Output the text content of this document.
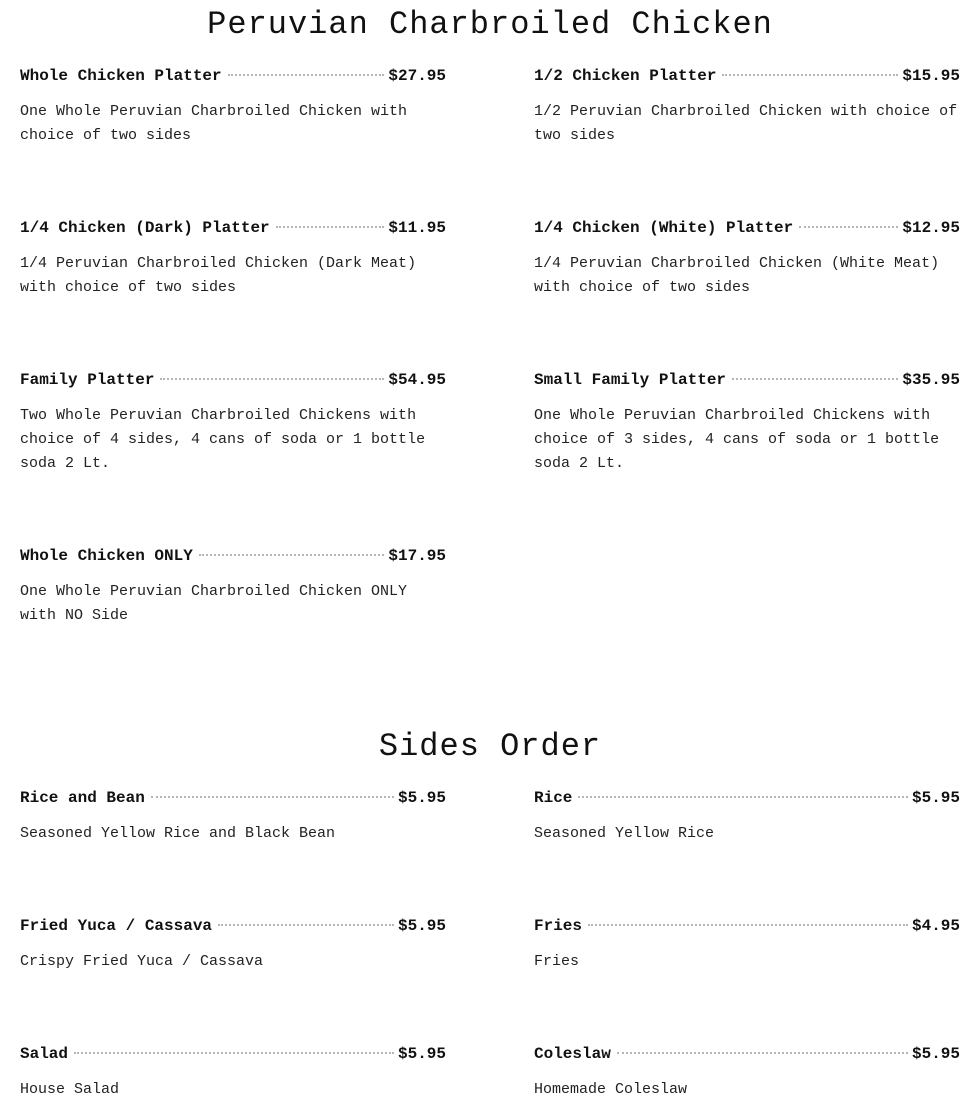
Peruvian Charbroiled Chicken
Whole Chicken Platter	$27.95
One Whole Peruvian Charbroiled Chicken with choice of two sides
1/2 Chicken Platter	$15.95
1/2 Peruvian Charbroiled Chicken with choice of two sides
1/4 Chicken (Dark) Platter	$11.95
1/4 Peruvian Charbroiled Chicken (Dark Meat) with choice of two sides
1/4 Chicken (White) Platter	$12.95
1/4 Peruvian Charbroiled Chicken (White Meat) with choice of two sides
Family Platter	$54.95
Two Whole Peruvian Charbroiled Chickens with choice of 4 sides, 4 cans of soda or 1 bottle soda 2 Lt.
Small Family Platter	$35.95
One Whole Peruvian Charbroiled Chickens with choice of 3 sides, 4 cans of soda or 1 bottle soda 2 Lt.
Whole Chicken ONLY	$17.95
One Whole Peruvian Charbroiled Chicken ONLY with NO Side
Sides Order
Rice and Bean	$5.95
Seasoned Yellow Rice and Black Bean
Rice	$5.95
Seasoned Yellow Rice
Fried Yuca / Cassava	$5.95
Crispy Fried Yuca / Cassava
Fries	$4.95
Fries
Salad	$5.95
House Salad
Coleslaw	$5.95
Homemade Coleslaw
